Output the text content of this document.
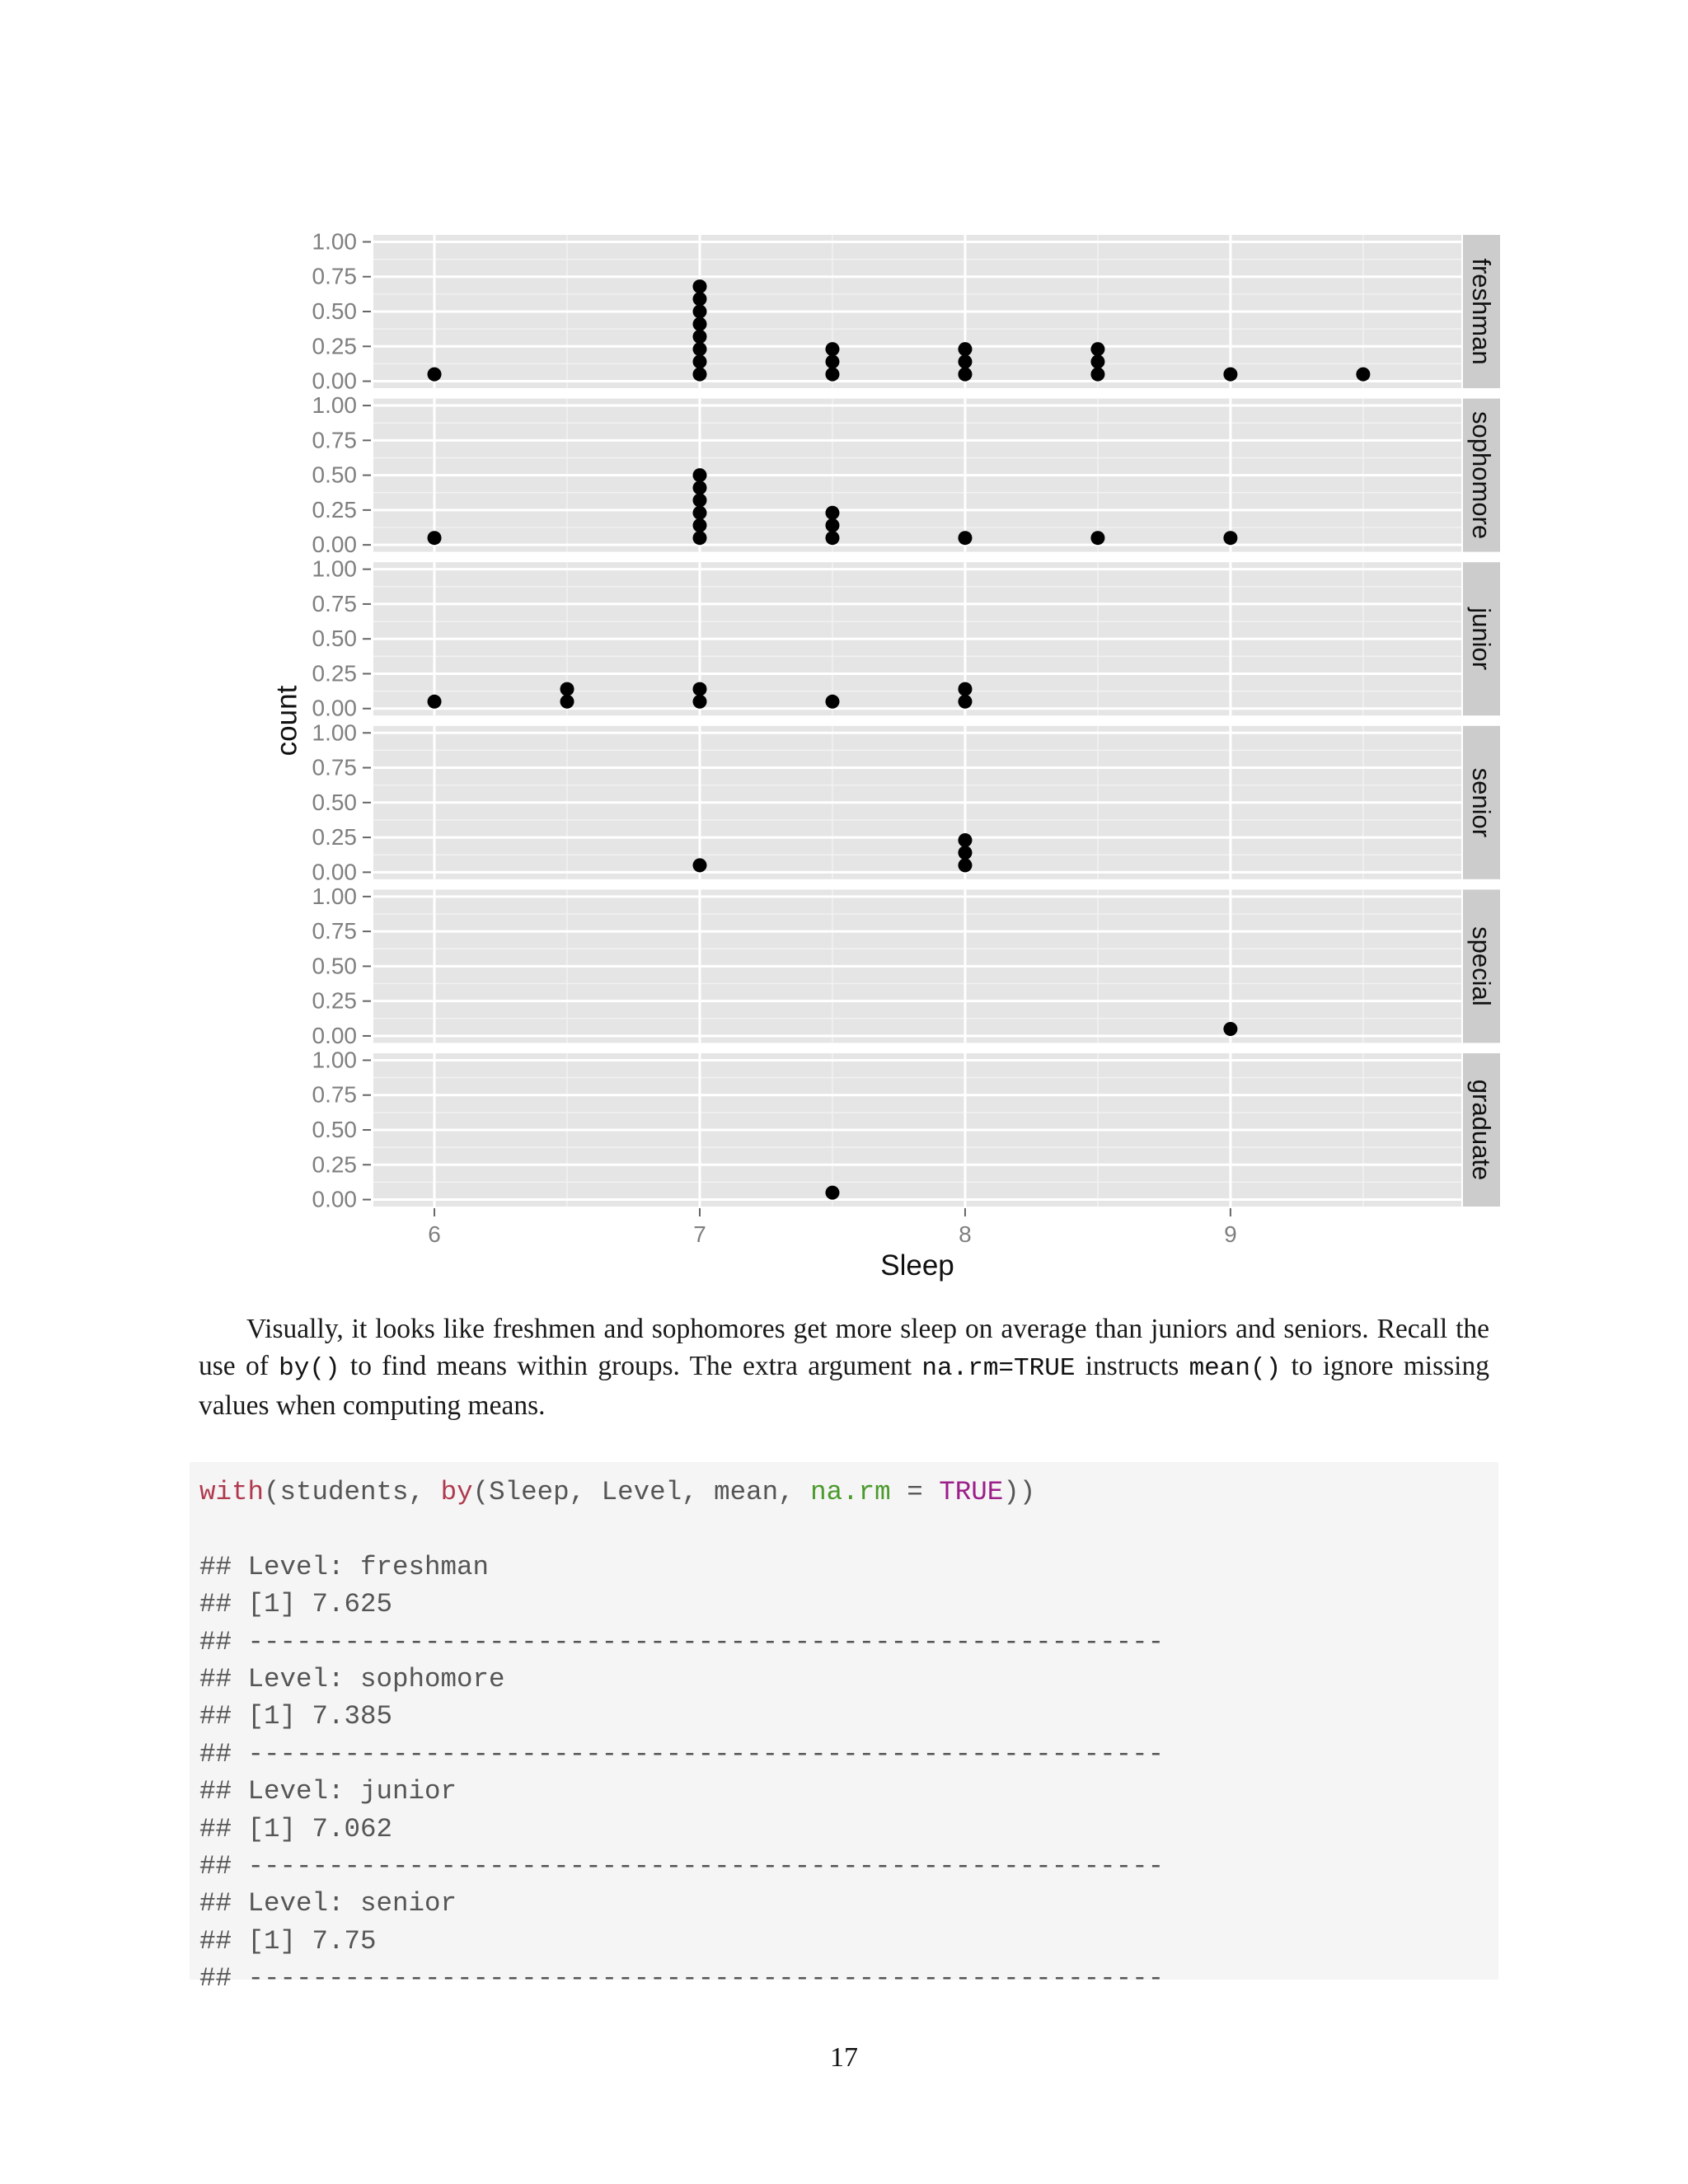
0.00
0.25
0.50
0.75
1.00
freshman
0.00
0.25
0.50
0.75
1.00
sophomore
0.00
0.25
0.50
0.75
1.00
junior
0.00
0.25
0.50
0.75
1.00
senior
0.00
0.25
0.50
0.75
1.00
special
0.00
0.25
0.50
0.75
1.00
graduate
6	7	8	9
Sleep
count

Visually, it looks like freshmen and sophomores get more sleep on average than juniors and seniors. Recall the use of by() to find means within groups. The extra argument na.rm=TRUE instructs mean() to ignore missing values when computing means.

with(students, by(Sleep, Level, mean, na.rm = TRUE))

## Level: freshman
## [1] 7.625
## ---------------------------------------------------------
## Level: sophomore
## [1] 7.385
## ---------------------------------------------------------
## Level: junior
## [1] 7.062
## ---------------------------------------------------------
## Level: senior
## [1] 7.75
## ---------------------------------------------------------
17
